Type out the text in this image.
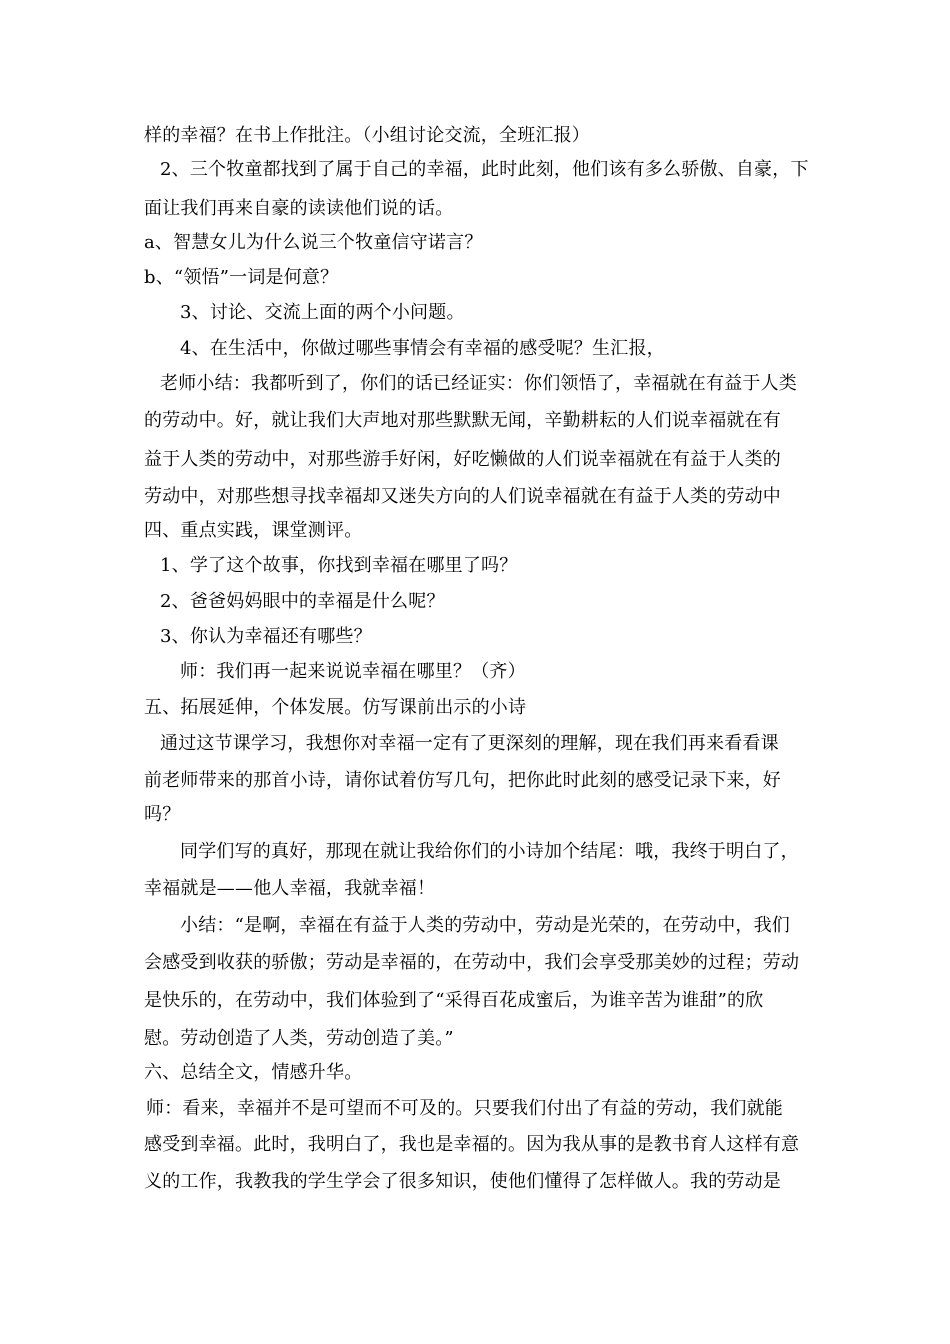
样的幸福？在书上作批注。（小组讨论交流，全班汇报）
2、三个牧童都找到了属于自己的幸福，此时此刻，他们该有多么骄傲、自豪，下
面让我们再来自豪的读读他们说的话。
a、智慧女儿为什么说三个牧童信守诺言？
b、“领悟”一词是何意？
3、讨论、交流上面的两个小问题。
4、在生活中，你做过哪些事情会有幸福的感受呢？生汇报，
老师小结：我都听到了，你们的话已经证实：你们领悟了，幸福就在有益于人类
的劳动中。好，就让我们大声地对那些默默无闻，辛勤耕耘的人们说幸福就在有
益于人类的劳动中，对那些游手好闲，好吃懒做的人们说幸福就在有益于人类的
劳动中，对那些想寻找幸福却又迷失方向的人们说幸福就在有益于人类的劳动中
四、重点实践，课堂测评。
1、学了这个故事，你找到幸福在哪里了吗？
2、爸爸妈妈眼中的幸福是什么呢？
3、你认为幸福还有哪些？
师：我们再一起来说说幸福在哪里？（齐）
五、拓展延伸，个体发展。仿写课前出示的小诗
通过这节课学习，我想你对幸福一定有了更深刻的理解，现在我们再来看看课
前老师带来的那首小诗，请你试着仿写几句，把你此时此刻的感受记录下来，好
吗？
同学们写的真好，那现在就让我给你们的小诗加个结尾：哦，我终于明白了，
幸福就是——他人幸福，我就幸福！
小结：“是啊，幸福在有益于人类的劳动中，劳动是光荣的，在劳动中，我们
会感受到收获的骄傲；劳动是幸福的，在劳动中，我们会享受那美妙的过程；劳动
是快乐的，在劳动中，我们体验到了“采得百花成蜜后，为谁辛苦为谁甜”的欣
慰。劳动创造了人类，劳动创造了美。”
六、总结全文，情感升华。
师：看来，幸福并不是可望而不可及的。只要我们付出了有益的劳动，我们就能
感受到幸福。此时，我明白了，我也是幸福的。因为我从事的是教书育人这样有意
义的工作，我教我的学生学会了很多知识，使他们懂得了怎样做人。我的劳动是
